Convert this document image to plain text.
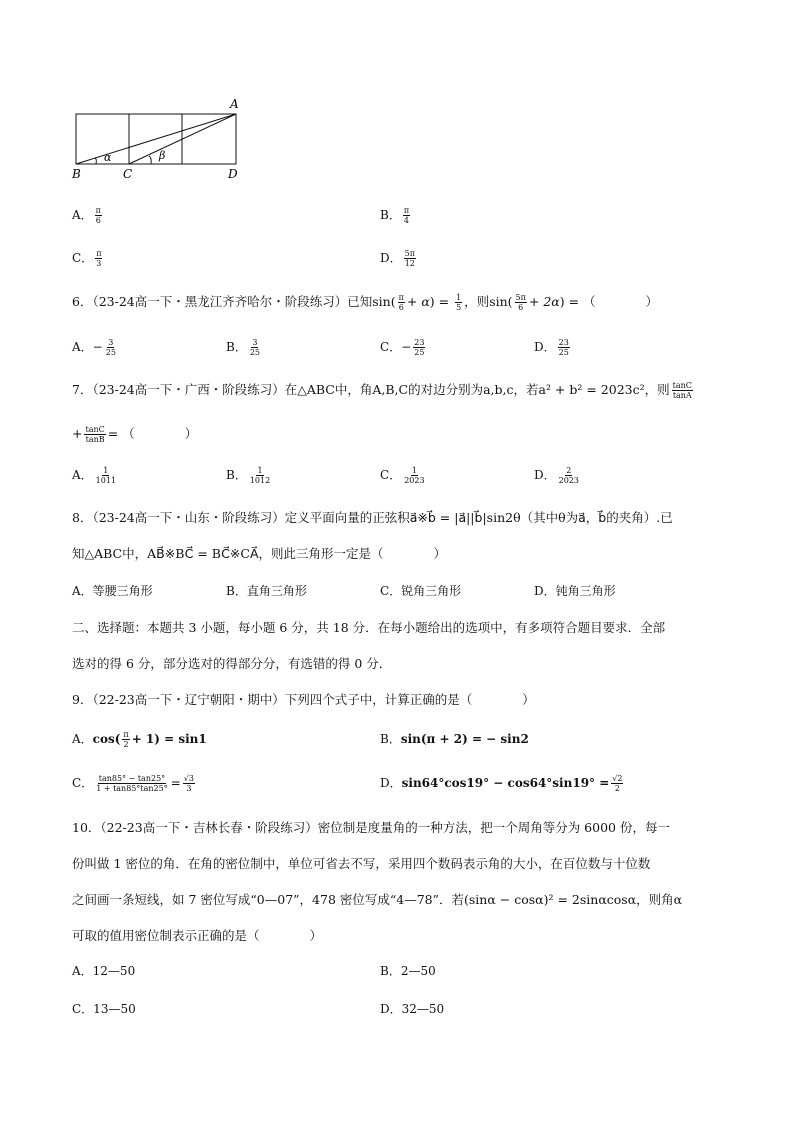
A
B	C	D
α	β
A． $\frac{\pi}{6}$	B． $\frac{\pi}{4}$
C． $\frac{\pi}{3}$	D． $\frac{5\pi}{12}$
6．（23-24高一下・黑龙江齐齐哈尔・阶段练习）已知$\sin( \frac{\pi}{6} + \alpha) = \frac{1}{5}$ ，则$\sin( \frac{5\pi}{6} + 2\alpha)$ = （　　　　）
A．− $\frac{3}{25}$	B． $\frac{3}{25}$	C．− $\frac{23}{25}$	D． $\frac{23}{25}$
7．（23-24高一下・广西・阶段练习）在△ABC中，角A,B,C的对边分别为a,b,c，若a² + b² = 2023c²，则 $\frac{\tan C}{\tan A}$
+ $\frac{\tan C}{\tan B}$ = （　　　　）
A． $\frac{1}{1011}$	B． $\frac{1}{1012}$	C． $\frac{1}{2023}$	D． $\frac{2}{2023}$
8．（23-24高一下・山东・阶段练习）定义平面向量的正弦积a⃗※b⃗ = |a⃗||b⃗|sin2θ（其中θ为a⃗，b⃗的夹角）.已
知△ABC中，AB⃗※BC⃗ = BC⃗※CA⃗，则此三角形一定是（　　　　）
A．等腰三角形	B．直角三角形	C．锐角三角形	D．钝角三角形
二、选择题：本题共 3 小题，每小题 6 分，共 18 分．在每小题给出的选项中，有多项符合题目要求．全部
选对的得 6 分，部分选对的得部分分，有选错的得 0 分．
9．（22-23高一下・辽宁朝阳・期中）下列四个式子中，计算正确的是（　　　　）
A．$\cos( \frac{\pi}{2} + 1) = \sin 1$	B．sin(π + 2) = − sin2
C． $\frac{\tan 85^\circ - \tan 25^\circ}{1 + \tan 85^\circ\tan 25^\circ} = \frac{√3}{3}$	D．$\sin 64^\circ\cos 19^\circ - \cos 64^\circ\sin 19^\circ = \frac{√2}{2}$
10．（22-23高一下・吉林长春・阶段练习）密位制是度量角的一种方法，把一个周角等分为 6000 份，每一
份叫做 1 密位的角．在角的密位制中，单位可省去不写，采用四个数码表示角的大小，在百位数与十位数
之间画一条短线，如 7 密位写成“0—07”，478 密位写成“4—78”．若(sinα − cosα)² = 2sinαcosα，则角α
可取的值用密位制表示正确的是（　　　　）
A．12—50	B．2—50
C．13—50	D．32—50
